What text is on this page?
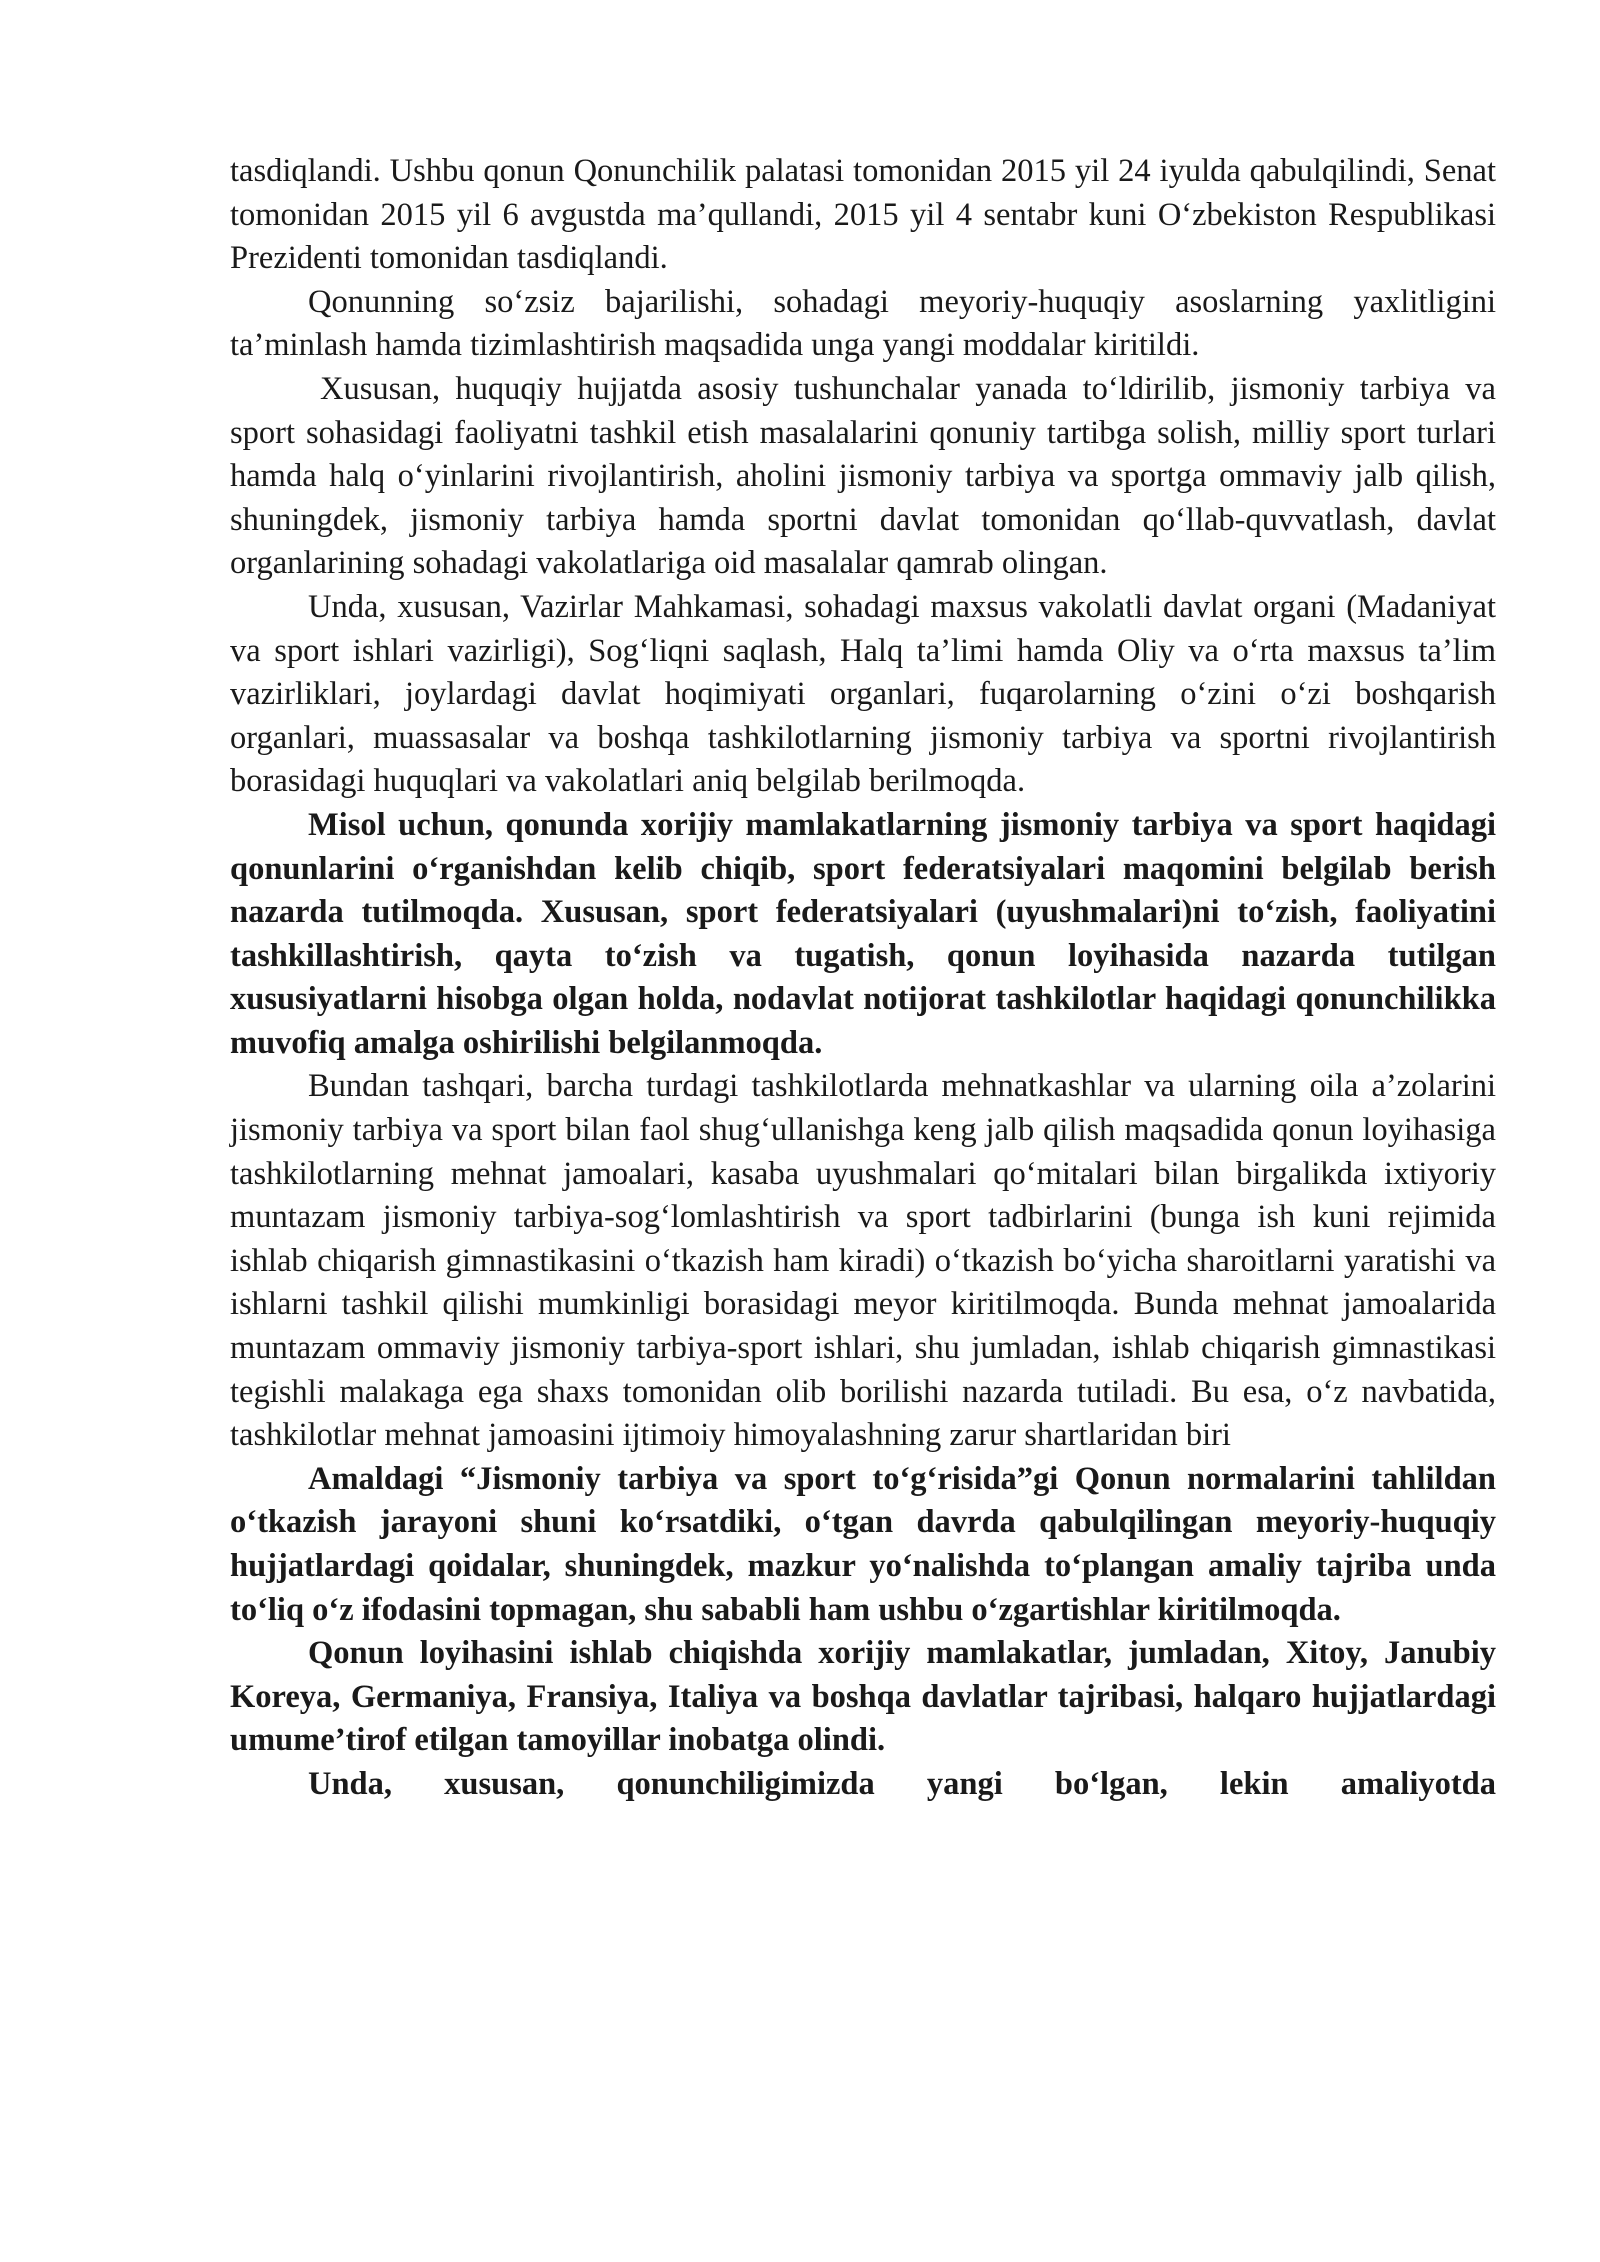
tasdiqlandi. Ushbu qonun Qonunchilik palatasi tomonidan 2015 yil 24 iyulda qabulqilindi, Senat tomonidan 2015 yil 6 avgustda ma’qullandi, 2015 yil 4 sentabr kuni O‘zbekiston Respublikasi Prezidenti tomonidan tasdiqlandi.

Qonunning so‘zsiz bajarilishi, sohadagi meyoriy-huquqiy asoslarning yaxlitligini ta’minlash hamda tizimlashtirish maqsadida unga yangi moddalar kiritildi.

Xususan, huquqiy hujjatda asosiy tushunchalar yanada to‘ldirilib, jismoniy tarbiya va sport sohasidagi faoliyatni tashkil etish masalalarini qonuniy tartibga solish, milliy sport turlari hamda halq o‘yinlarini rivojlantirish, aholini jismoniy tarbiya va sportga ommaviy jalb qilish, shuningdek, jismoniy tarbiya hamda sportni davlat tomonidan qo‘llab-quvvatlash, davlat organlarining sohadagi vakolatlariga oid masalalar qamrab olingan.

Unda, xususan, Vazirlar Mahkamasi, sohadagi maxsus vakolatli davlat organi (Madaniyat va sport ishlari vazirligi), Sog‘liqni saqlash, Halq ta’limi hamda Oliy va o‘rta maxsus ta’lim vazirliklari, joylardagi davlat hoqimiyati organlari, fuqarolarning o‘zini o‘zi boshqarish organlari, muassasalar va boshqa tashkilotlarning jismoniy tarbiya va sportni rivojlantirish borasidagi huquqlari va vakolatlari aniq belgilab berilmoqda.

Misol uchun, qonunda xorijiy mamlakatlarning jismoniy tarbiya va sport haqidagi qonunlarini o‘rganishdan kelib chiqib, sport federatsiyalari maqomini belgilab berish nazarda tutilmoqda. Xususan, sport federatsiyalari (uyushmalari)ni to‘zish, faoliyatini tashkillashtirish, qayta to‘zish va tugatish, qonun loyihasida nazarda tutilgan xususiyatlarni hisobga olgan holda, nodavlat notijorat tashkilotlar haqidagi qonunchilikka muvofiq amalga oshirilishi belgilanmoqda.

Bundan tashqari, barcha turdagi tashkilotlarda mehnatkashlar va ularning oila a’zolarini jismoniy tarbiya va sport bilan faol shug‘ullanishga keng jalb qilish maqsadida qonun loyihasiga tashkilotlarning mehnat jamoalari, kasaba uyushmalari qo‘mitalari bilan birgalikda ixtiyoriy muntazam jismoniy tarbiya-sog‘lomlashtirish va sport tadbirlarini (bunga ish kuni rejimida ishlab chiqarish gimnastikasini o‘tkazish ham kiradi) o‘tkazish bo‘yicha sharoitlarni yaratishi va ishlarni tashkil qilishi mumkinligi borasidagi meyor kiritilmoqda. Bunda mehnat jamoalarida muntazam ommaviy jismoniy tarbiya-sport ishlari, shu jumladan, ishlab chiqarish gimnastikasi tegishli malakaga ega shaxs tomonidan olib borilishi nazarda tutiladi. Bu esa, o‘z navbatida, tashkilotlar mehnat jamoasini ijtimoiy himoyalashning zarur shartlaridan biri

Amaldagi “Jismoniy tarbiya va sport to‘g‘risida”gi Qonun normalarini tahlildan o‘tkazish jarayoni shuni ko‘rsatdiki, o‘tgan davrda qabulqilingan meyoriy-huquqiy hujjatlardagi qoidalar, shuningdek, mazkur yo‘nalishda to‘plangan amaliy tajriba unda to‘liq o‘z ifodasini topmagan, shu sababli ham ushbu o‘zgartishlar kiritilmoqda.

Qonun loyihasini ishlab chiqishda xorijiy mamlakatlar, jumladan, Xitoy, Janubiy Koreya, Germaniya, Fransiya, Italiya va boshqa davlatlar tajribasi, halqaro hujjatlardagi umume’tirof etilgan tamoyillar inobatga olindi.

Unda, xususan, qonunchiligimizda yangi bo‘lgan, lekin amaliyotda
